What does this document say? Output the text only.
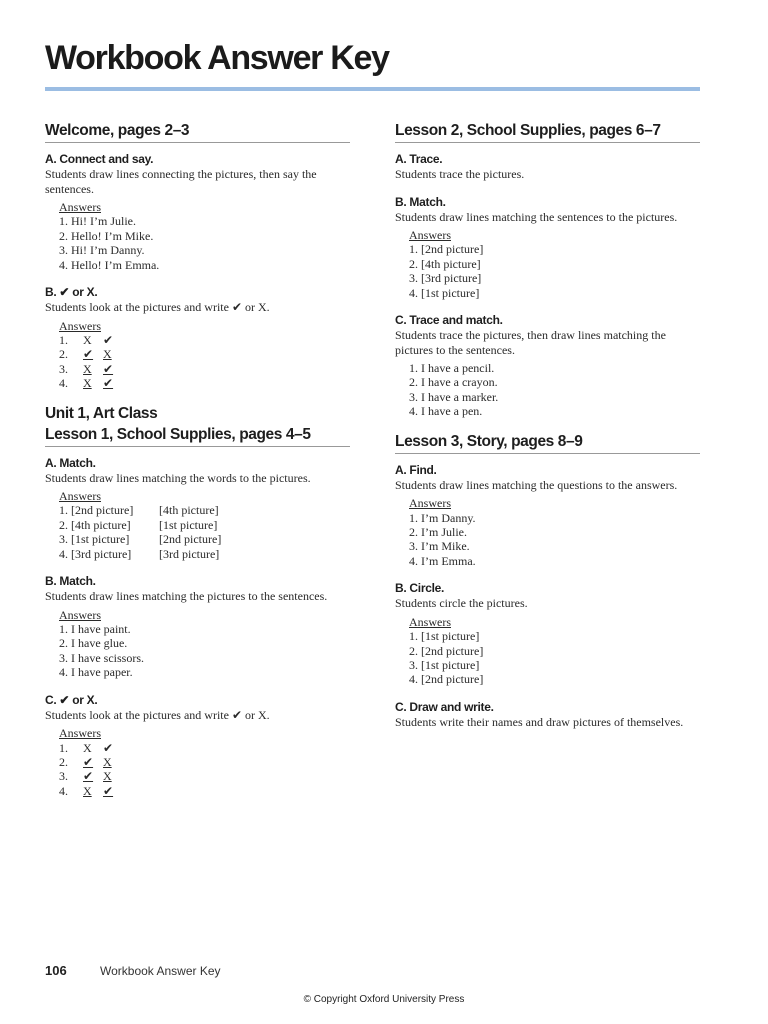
Workbook Answer Key
Welcome, pages 2–3

A. Connect and say.

Students draw lines connecting the pictures, then say the sentences.

Answers
1. Hi! I’m Julie.
2. Hello! I’m Mike.
3. Hi! I’m Danny.
4. Hello! I’m Emma.

B. ✔ or X.

Students look at the pictures and write ✔ or X.

Answers
1. X ✔
2. ✔ X
3. X ✔
4. X ✔
Unit 1, Art Class
Lesson 1, School Supplies, pages 4–5

A. Match.

Students draw lines matching the words to the pictures.

Answers
1. [2nd picture] [4th picture]
2. [4th picture] [1st picture]
3. [1st picture] [2nd picture]
4. [3rd picture] [3rd picture]

B. Match.

Students draw lines matching the pictures to the sentences.

Answers
1. I have paint.
2. I have glue.
3. I have scissors.
4. I have paper.

C. ✔ or X.

Students look at the pictures and write ✔ or X.

Answers
1. X ✔
2. ✔ X
3. ✔ X
4. X ✔
Lesson 2, School Supplies, pages 6–7

A. Trace.

Students trace the pictures.

B. Match.

Students draw lines matching the sentences to the pictures.

Answers
1. [2nd picture]
2. [4th picture]
3. [3rd picture]
4. [1st picture]

C. Trace and match.

Students trace the pictures, then draw lines matching the pictures to the sentences.

1. I have a pencil.
2. I have a crayon.
3. I have a marker.
4. I have a pen.
Lesson 3, Story, pages 8–9

A. Find.

Students draw lines matching the questions to the answers.

Answers
1. I’m Danny.
2. I’m Julie.
3. I’m Mike.
4. I’m Emma.

B. Circle.

Students circle the pictures.

Answers
1. [1st picture]
2. [2nd picture]
3. [1st picture]
4. [2nd picture]

C. Draw and write.

Students write their names and draw pictures of themselves.

106	Workbook Answer Key
© Copyright Oxford University Press
